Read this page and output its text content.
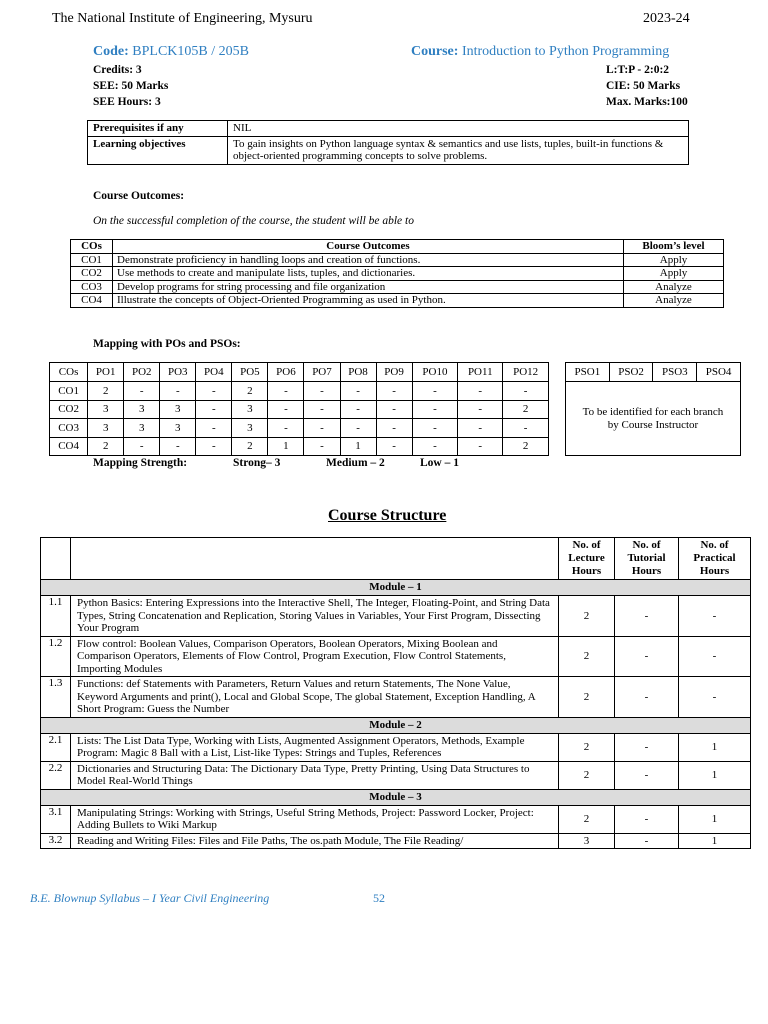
The National Institute of Engineering, Mysuru	2023-24
Code: BPLCK105B / 205B	Course: Introduction to Python Programming
Credits: 3
SEE: 50 Marks
SEE Hours: 3
L:T:P - 2:0:2
CIE: 50 Marks
Max. Marks:100
Prerequisites if any	NIL
Learning objectives	To gain insights on Python language syntax & semantics and use lists, tuples, built-in functions & object-oriented programming concepts to solve problems.
Course Outcomes:
On the successful completion of the course, the student will be able to
COs	Course Outcomes	Bloom’s level
CO1	Demonstrate proficiency in handling loops and creation of functions.	Apply
CO2	Use methods to create and manipulate lists, tuples, and dictionaries.	Apply
CO3	Develop programs for string processing and file organization	Analyze
CO4	Illustrate the concepts of Object-Oriented Programming as used in Python.	Analyze
Mapping with POs and PSOs:
COs	PO1	PO2	PO3	PO4	PO5	PO6	PO7	PO8	PO9	PO10	PO11	PO12
CO1	2	-	-	-	2	-	-	-	-	-	-	-
CO2	3	3	3	-	3	-	-	-	-	-	-	2
CO3	3	3	3	-	3	-	-	-	-	-	-	-
CO4	2	-	-	-	2	1	-	1	-	-	-	2
PSO1	PSO2	PSO3	PSO4
To be identified for each branch by Course Instructor
Mapping Strength:	Strong– 3	Medium – 2	Low – 1
Course Structure
		No. of Lecture Hours	No. of Tutorial Hours	No. of Practical Hours
Module – 1				
1.1	Python Basics: Entering Expressions into the Interactive Shell, The Integer, Floating-Point, and String Data Types, String Concatenation and Replication, Storing Values in Variables, Your First Program, Dissecting Your Program	2	-	-
1.2	Flow control: Boolean Values, Comparison Operators, Boolean Operators, Mixing Boolean and Comparison Operators, Elements of Flow Control, Program Execution, Flow Control Statements, Importing Modules	2	-	-
1.3	Functions: def Statements with Parameters, Return Values and return Statements, The None Value, Keyword Arguments and print(), Local and Global Scope, The global Statement, Exception Handling, A Short Program: Guess the Number	2	-	-
Module – 2				
2.1	Lists: The List Data Type, Working with Lists, Augmented Assignment Operators, Methods, Example Program: Magic 8 Ball with a List, List-like Types: Strings and Tuples, References	2	-	1
2.2	Dictionaries and Structuring Data: The Dictionary Data Type, Pretty Printing, Using Data Structures to Model Real-World Things	2	-	1
Module – 3				
3.1	Manipulating Strings: Working with Strings, Useful String Methods, Project: Password Locker, Project: Adding Bullets to Wiki Markup	2	-	1
3.2	Reading and Writing Files: Files and File Paths, The os.path Module, The File Reading/	3	-	1
B.E. Blownup Syllabus – I Year Civil Engineering	52
